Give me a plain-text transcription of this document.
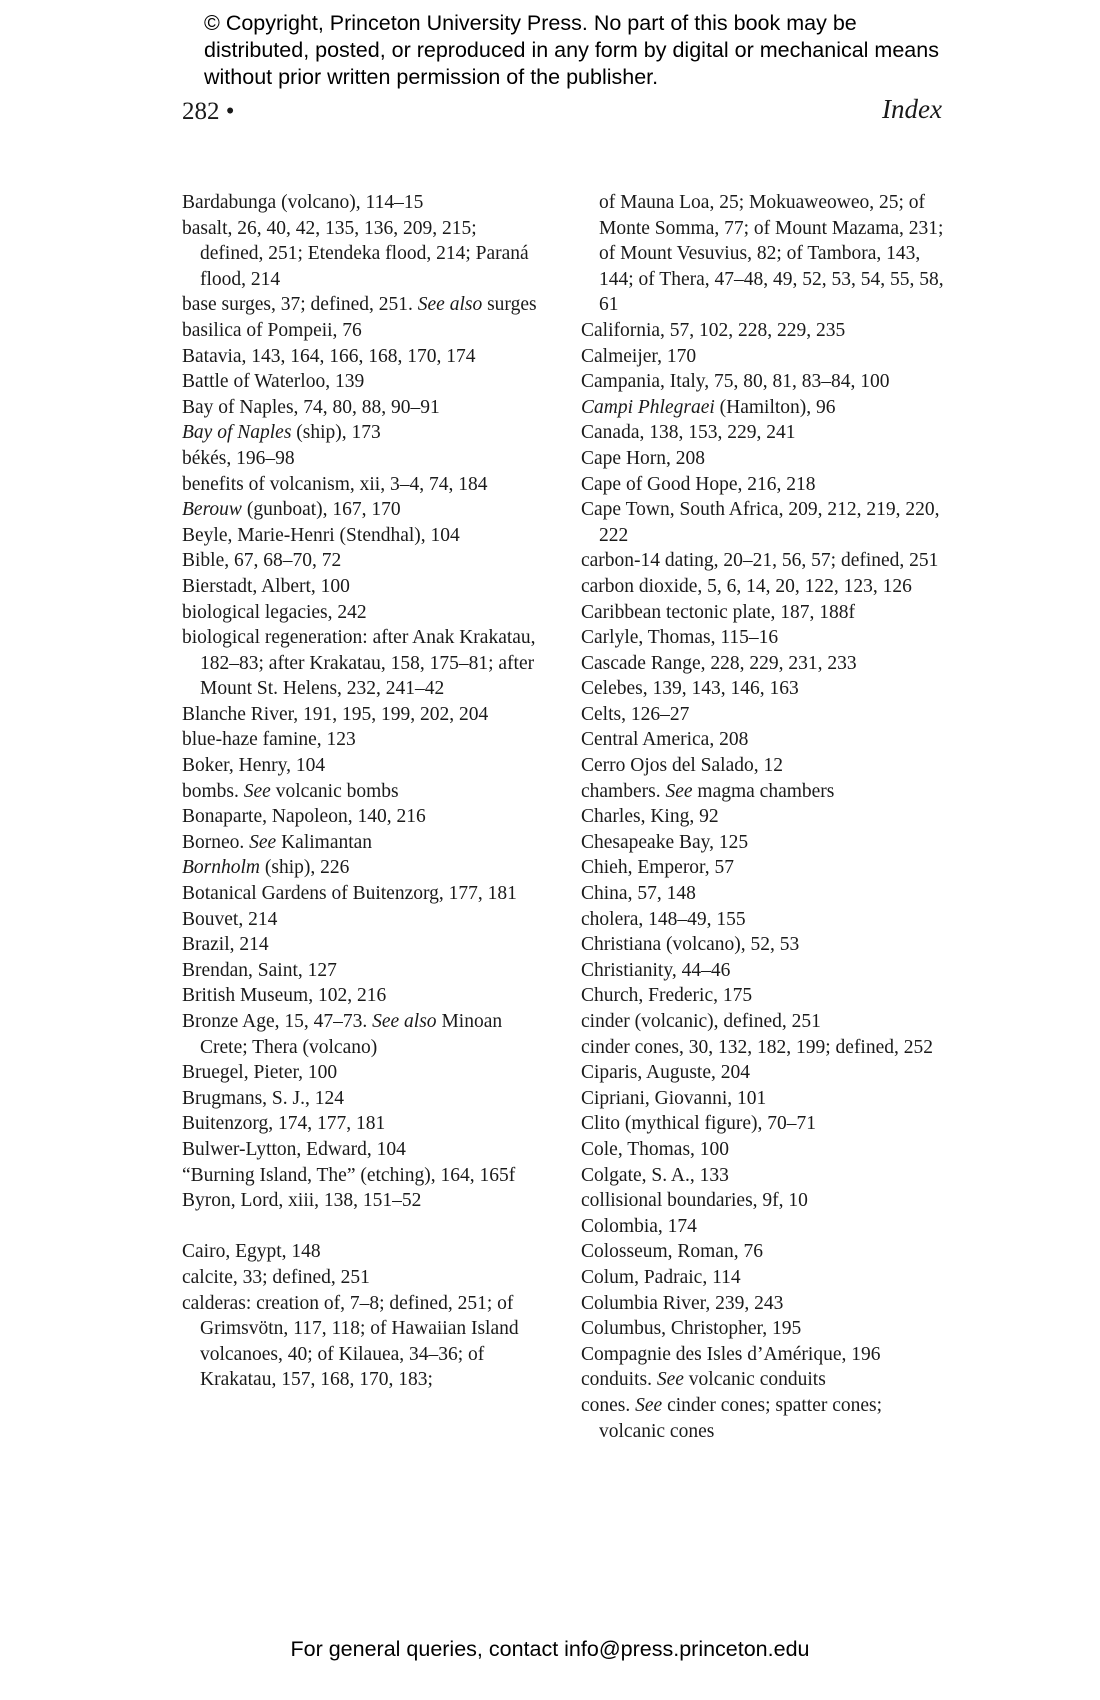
© Copyright, Princeton University Press. No part of this book may be distributed, posted, or reproduced in any form by digital or mechanical means without prior written permission of the publisher.
282 •	Index

Bardabunga (volcano), 114–15

basalt, 26, 40, 42, 135, 136, 209, 215; defined, 251; Etendeka flood, 214; Paraná flood, 214

base surges, 37; defined, 251. See also surges

basilica of Pompeii, 76

Batavia, 143, 164, 166, 168, 170, 174

Battle of Waterloo, 139

Bay of Naples, 74, 80, 88, 90–91

Bay of Naples (ship), 173

békés, 196–98

benefits of volcanism, xii, 3–4, 74, 184

Berouw (gunboat), 167, 170

Beyle, Marie-Henri (Stendhal), 104

Bible, 67, 68–70, 72

Bierstadt, Albert, 100

biological legacies, 242

biological regeneration: after Anak Krakatau, 182–83; after Krakatau, 158, 175–81; after Mount St. Helens, 232, 241–42

Blanche River, 191, 195, 199, 202, 204

blue-haze famine, 123

Boker, Henry, 104

bombs. See volcanic bombs

Bonaparte, Napoleon, 140, 216

Borneo. See Kalimantan

Bornholm (ship), 226

Botanical Gardens of Buitenzorg, 177, 181

Bouvet, 214

Brazil, 214

Brendan, Saint, 127

British Museum, 102, 216

Bronze Age, 15, 47–73. See also Minoan Crete; Thera (volcano)

Bruegel, Pieter, 100

Brugmans, S. J., 124

Buitenzorg, 174, 177, 181

Bulwer-Lytton, Edward, 104

“Burning Island, The” (etching), 164, 165f

Byron, Lord, xiii, 138, 151–52

Cairo, Egypt, 148

calcite, 33; defined, 251

calderas: creation of, 7–8; defined, 251; of Grimsvötn, 117, 118; of Hawaiian Island volcanoes, 40; of Kilauea, 34–36; of Krakatau, 157, 168, 170, 183;

of Mauna Loa, 25; Mokuaweoweo, 25; of Monte Somma, 77; of Mount Mazama, 231; of Mount Vesuvius, 82; of Tambora, 143, 144; of Thera, 47–48, 49, 52, 53, 54, 55, 58, 61

California, 57, 102, 228, 229, 235

Calmeijer, 170

Campania, Italy, 75, 80, 81, 83–84, 100

Campi Phlegraei (Hamilton), 96

Canada, 138, 153, 229, 241

Cape Horn, 208

Cape of Good Hope, 216, 218

Cape Town, South Africa, 209, 212, 219, 220, 222

carbon-14 dating, 20–21, 56, 57; defined, 251

carbon dioxide, 5, 6, 14, 20, 122, 123, 126

Caribbean tectonic plate, 187, 188f

Carlyle, Thomas, 115–16

Cascade Range, 228, 229, 231, 233

Celebes, 139, 143, 146, 163

Celts, 126–27

Central America, 208

Cerro Ojos del Salado, 12

chambers. See magma chambers

Charles, King, 92

Chesapeake Bay, 125

Chieh, Emperor, 57

China, 57, 148

cholera, 148–49, 155

Christiana (volcano), 52, 53

Christianity, 44–46

Church, Frederic, 175

cinder (volcanic), defined, 251

cinder cones, 30, 132, 182, 199; defined, 252

Ciparis, Auguste, 204

Cipriani, Giovanni, 101

Clito (mythical figure), 70–71

Cole, Thomas, 100

Colgate, S. A., 133

collisional boundaries, 9f, 10

Colombia, 174

Colosseum, Roman, 76

Colum, Padraic, 114

Columbia River, 239, 243

Columbus, Christopher, 195

Compagnie des Isles d’Amérique, 196

conduits. See volcanic conduits

cones. See cinder cones; spatter cones; volcanic cones

For general queries, contact info@press.princeton.edu
